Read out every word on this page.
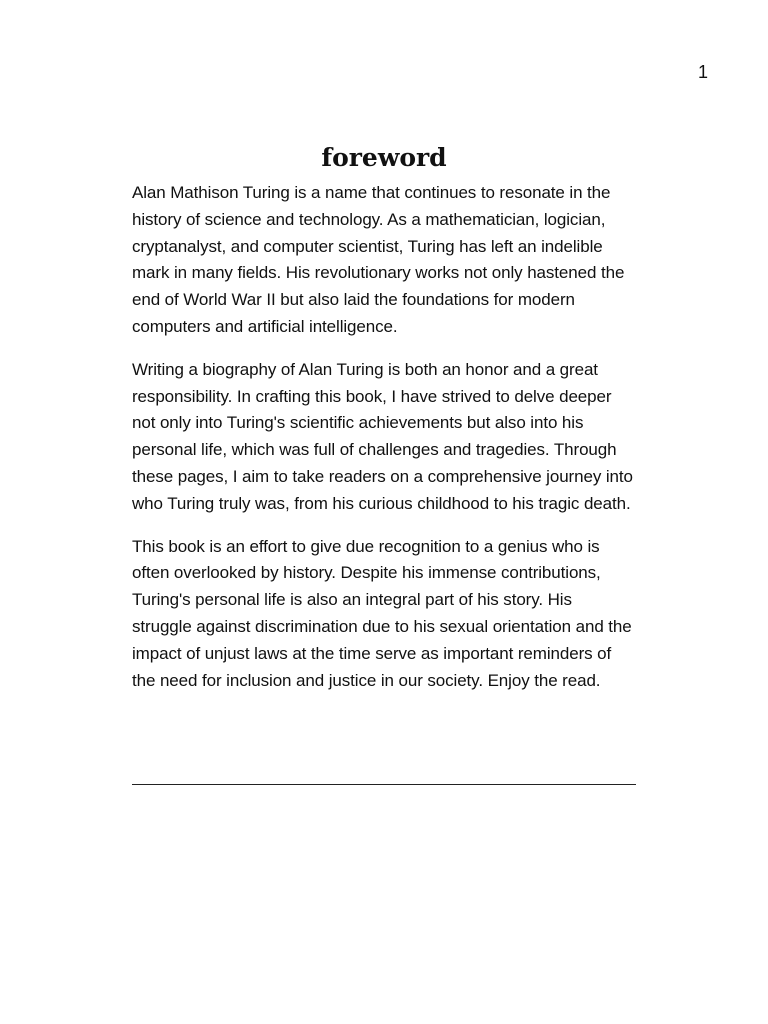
1
foreword

Alan Mathison Turing is a name that continues to resonate in the history of science and technology. As a mathematician, logician, cryptanalyst, and computer scientist, Turing has left an indelible mark in many fields. His revolutionary works not only hastened the end of World War II but also laid the foundations for modern computers and artificial intelligence.

Writing a biography of Alan Turing is both an honor and a great responsibility. In crafting this book, I have strived to delve deeper not only into Turing's scientific achievements but also into his personal life, which was full of challenges and tragedies. Through these pages, I aim to take readers on a comprehensive journey into who Turing truly was, from his curious childhood to his tragic death.

This book is an effort to give due recognition to a genius who is often overlooked by history. Despite his immense contributions, Turing's personal life is also an integral part of his story. His struggle against discrimination due to his sexual orientation and the impact of unjust laws at the time serve as important reminders of the need for inclusion and justice in our society. Enjoy the read.
